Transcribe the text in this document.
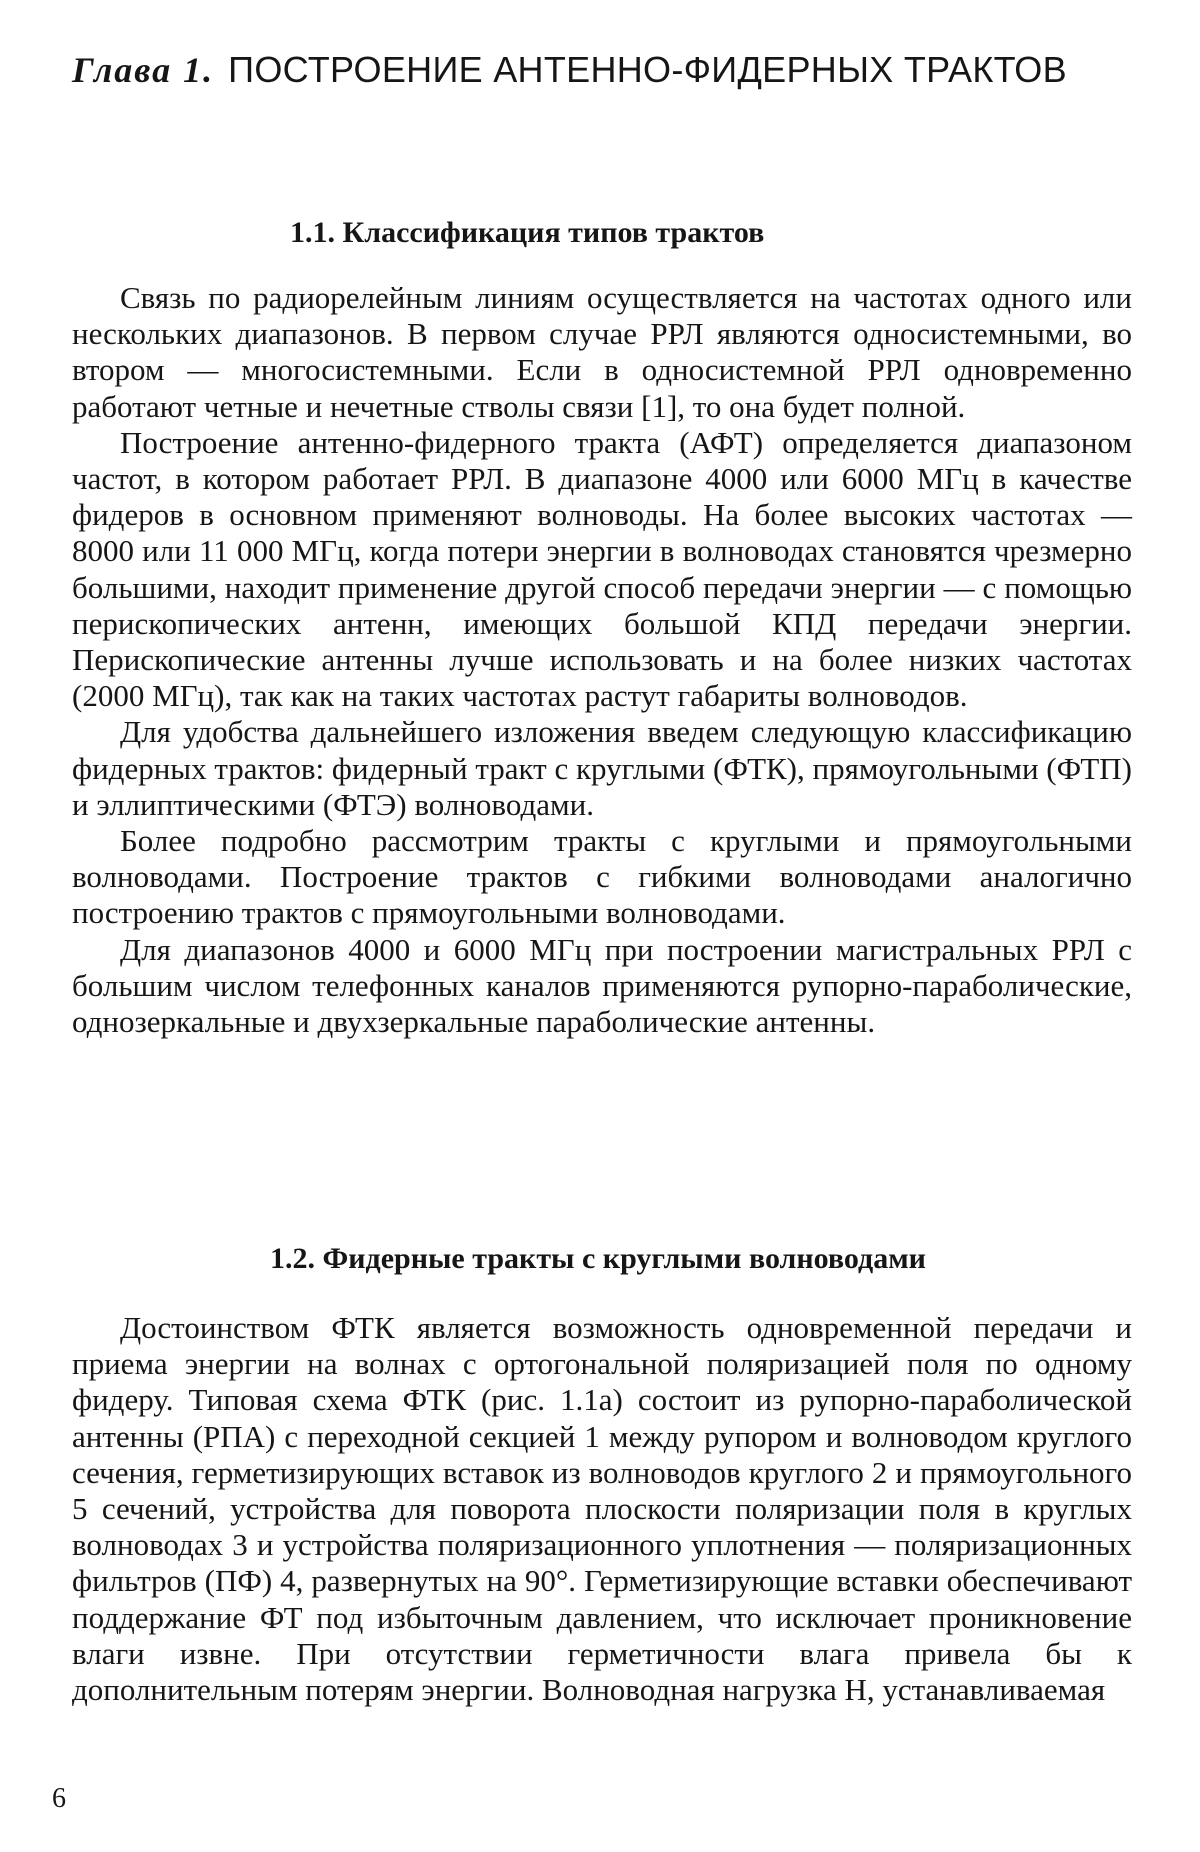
Глава 1. ПОСТРОЕНИЕ АНТЕННО-ФИДЕРНЫХ ТРАКТОВ
1.1. Классификация типов трактов

Связь по радиорелейным линиям осуществляется на частотах одного или нескольких диапазонов. В первом случае РРЛ являются односистемными, во втором — многосистемными. Если в односистемной РРЛ одновременно работают четные и нечетные стволы связи [1], то она будет полной.

Построение антенно-фидерного тракта (АФТ) определяется диапазоном частот, в котором работает РРЛ. В диапазоне 4000 или 6000 МГц в качестве фидеров в основном применяют волноводы. На более высоких частотах — 8000 или 11 000 МГц, когда потери энергии в волноводах становятся чрезмерно большими, находит применение другой способ передачи энергии — с помощью перископических антенн, имеющих большой КПД передачи энергии. Перископические антенны лучше использовать и на более низких частотах (2000 МГц), так как на таких частотах растут габариты волноводов.

Для удобства дальнейшего изложения введем следующую классификацию фидерных трактов: фидерный тракт с круглыми (ФТК), прямоугольными (ФТП) и эллиптическими (ФТЭ) волноводами.

Более подробно рассмотрим тракты с круглыми и прямоугольными волноводами. Построение трактов с гибкими волноводами аналогично построению трактов с прямоугольными волноводами.

Для диапазонов 4000 и 6000 МГц при построении магистральных РРЛ с большим числом телефонных каналов применяются рупорно-параболические, однозеркальные и двухзеркальные параболические антенны.

1.2. Фидерные тракты с круглыми волноводами

Достоинством ФТК является возможность одновременной передачи и приема энергии на волнах с ортогональной поляризацией поля по одному фидеру. Типовая схема ФТК (рис. 1.1а) состоит из рупорно-параболической антенны (РПА) с переходной секцией 1 между рупором и волноводом круглого сечения, герметизирующих вставок из волноводов круглого 2 и прямоугольного 5 сечений, устройства для поворота плоскости поляризации поля в круглых волноводах 3 и устройства поляризационного уплотнения — поляризационных фильтров (ПФ) 4, развернутых на 90°. Герметизирующие вставки обеспечивают поддержание ФТ под избыточным давлением, что исключает проникновение влаги извне. При отсутствии герметичности влага привела бы к дополнительным потерям энергии. Волноводная нагрузка Н, устанавливаемая

6
